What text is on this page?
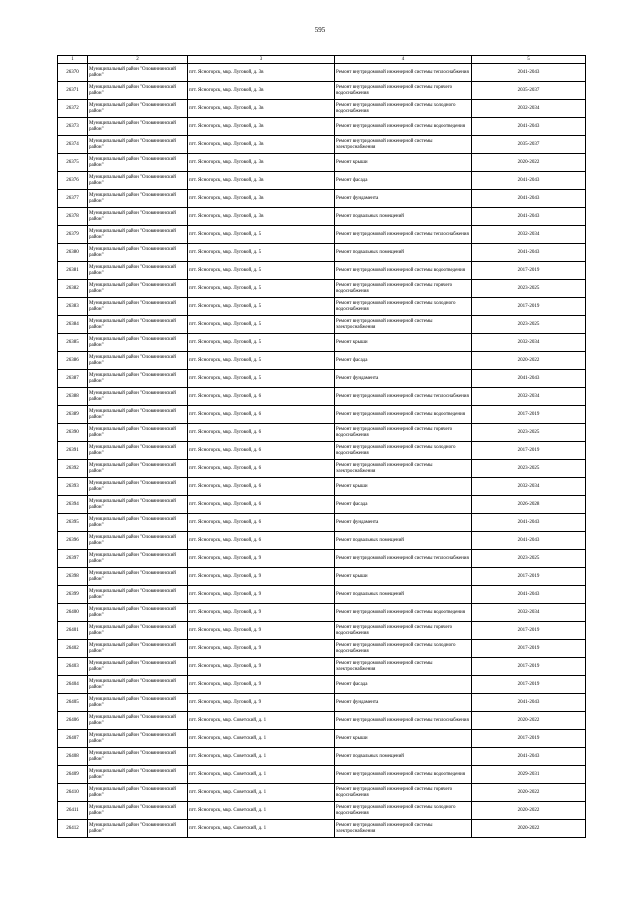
595
1	2	3	4	5
26370	Муниципальный район "Оловяннинский район"	пгт. Ясногорск, мкр. Луговой, д. 3в	Ремонт внутридомовой инженерной системы теплоснабжения	2041-2043
26371	Муниципальный район "Оловяннинский район"	пгт. Ясногорск, мкр. Луговой, д. 3в	Ремонт внутридомовой инженерной системы горячего водоснабжения	2035-2037
26372	Муниципальный район "Оловяннинский район"	пгт. Ясногорск, мкр. Луговой, д. 3в	Ремонт внутридомовой инженерной системы холодного водоснабжения	2032-2034
26373	Муниципальный район "Оловяннинский район"	пгт. Ясногорск, мкр. Луговой, д. 3в	Ремонт внутридомовой инженерной системы водоотведения	2041-2043
26374	Муниципальный район "Оловяннинский район"	пгт. Ясногорск, мкр. Луговой, д. 3в	Ремонт внутридомовой инженерной системы электроснабжения	2035-2037
26375	Муниципальный район "Оловяннинский район"	пгт. Ясногорск, мкр. Луговой, д. 3в	Ремонт крыши	2020-2022
26376	Муниципальный район "Оловяннинский район"	пгт. Ясногорск, мкр. Луговой, д. 3в	Ремонт фасада	2041-2043
26377	Муниципальный район "Оловяннинский район"	пгт. Ясногорск, мкр. Луговой, д. 3в	Ремонт фундамента	2041-2043
26378	Муниципальный район "Оловяннинский район"	пгт. Ясногорск, мкр. Луговой, д. 3в	Ремонт подвальных помещений	2041-2043
26379	Муниципальный район "Оловяннинский район"	пгт. Ясногорск, мкр. Луговой, д. 5	Ремонт внутридомовой инженерной системы теплоснабжения	2032-2034
26380	Муниципальный район "Оловяннинский район"	пгт. Ясногорск, мкр. Луговой, д. 5	Ремонт подвальных помещений	2041-2043
26381	Муниципальный район "Оловяннинский район"	пгт. Ясногорск, мкр. Луговой, д. 5	Ремонт внутридомовой инженерной системы водоотведения	2017-2019
26382	Муниципальный район "Оловяннинский район"	пгт. Ясногорск, мкр. Луговой, д. 5	Ремонт внутридомовой инженерной системы горячего водоснабжения	2023-2025
26383	Муниципальный район "Оловяннинский район"	пгт. Ясногорск, мкр. Луговой, д. 5	Ремонт внутридомовой инженерной системы холодного водоснабжения	2017-2019
26384	Муниципальный район "Оловяннинский район"	пгт. Ясногорск, мкр. Луговой, д. 5	Ремонт внутридомовой инженерной системы электроснабжения	2023-2025
26385	Муниципальный район "Оловяннинский район"	пгт. Ясногорск, мкр. Луговой, д. 5	Ремонт крыши	2032-2034
26386	Муниципальный район "Оловяннинский район"	пгт. Ясногорск, мкр. Луговой, д. 5	Ремонт фасада	2020-2022
26387	Муниципальный район "Оловяннинский район"	пгт. Ясногорск, мкр. Луговой, д. 5	Ремонт фундамента	2041-2043
26388	Муниципальный район "Оловяннинский район"	пгт. Ясногорск, мкр. Луговой, д. 6	Ремонт внутридомовой инженерной системы теплоснабжения	2032-2034
26389	Муниципальный район "Оловяннинский район"	пгт. Ясногорск, мкр. Луговой, д. 6	Ремонт внутридомовой инженерной системы водоотведения	2017-2019
26390	Муниципальный район "Оловяннинский район"	пгт. Ясногорск, мкр. Луговой, д. 6	Ремонт внутридомовой инженерной системы горячего водоснабжения	2023-2025
26391	Муниципальный район "Оловяннинский район"	пгт. Ясногорск, мкр. Луговой, д. 6	Ремонт внутридомовой инженерной системы холодного водоснабжения	2017-2019
26392	Муниципальный район "Оловяннинский район"	пгт. Ясногорск, мкр. Луговой, д. 6	Ремонт внутридомовой инженерной системы электроснабжения	2023-2025
26393	Муниципальный район "Оловяннинский район"	пгт. Ясногорск, мкр. Луговой, д. 6	Ремонт крыши	2032-2034
26394	Муниципальный район "Оловяннинский район"	пгт. Ясногорск, мкр. Луговой, д. 6	Ремонт фасада	2026-2028
26395	Муниципальный район "Оловяннинский район"	пгт. Ясногорск, мкр. Луговой, д. 6	Ремонт фундамента	2041-2043
26396	Муниципальный район "Оловяннинский район"	пгт. Ясногорск, мкр. Луговой, д. 6	Ремонт подвальных помещений	2041-2043
26397	Муниципальный район "Оловяннинский район"	пгт. Ясногорск, мкр. Луговой, д. 9	Ремонт внутридомовой инженерной системы теплоснабжения	2023-2025
26398	Муниципальный район "Оловяннинский район"	пгт. Ясногорск, мкр. Луговой, д. 9	Ремонт крыши	2017-2019
26399	Муниципальный район "Оловяннинский район"	пгт. Ясногорск, мкр. Луговой, д. 9	Ремонт подвальных помещений	2041-2043
26400	Муниципальный район "Оловяннинский район"	пгт. Ясногорск, мкр. Луговой, д. 9	Ремонт внутридомовой инженерной системы водоотведения	2032-2034
26401	Муниципальный район "Оловяннинский район"	пгт. Ясногорск, мкр. Луговой, д. 9	Ремонт внутридомовой инженерной системы горячего водоснабжения	2017-2019
26402	Муниципальный район "Оловяннинский район"	пгт. Ясногорск, мкр. Луговой, д. 9	Ремонт внутридомовой инженерной системы холодного водоснабжения	2017-2019
26403	Муниципальный район "Оловяннинский район"	пгт. Ясногорск, мкр. Луговой, д. 9	Ремонт внутридомовой инженерной системы электроснабжения	2017-2019
26404	Муниципальный район "Оловяннинский район"	пгт. Ясногорск, мкр. Луговой, д. 9	Ремонт фасада	2017-2019
26405	Муниципальный район "Оловяннинский район"	пгт. Ясногорск, мкр. Луговой, д. 9	Ремонт фундамента	2041-2043
26406	Муниципальный район "Оловяннинский район"	пгт. Ясногорск, мкр. Советский, д. 1	Ремонт внутридомовой инженерной системы теплоснабжения	2020-2022
26407	Муниципальный район "Оловяннинский район"	пгт. Ясногорск, мкр. Советский, д. 1	Ремонт крыши	2017-2019
26408	Муниципальный район "Оловяннинский район"	пгт. Ясногорск, мкр. Советский, д. 1	Ремонт подвальных помещений	2041-2043
26409	Муниципальный район "Оловяннинский район"	пгт. Ясногорск, мкр. Советский, д. 1	Ремонт внутридомовой инженерной системы водоотведения	2029-2031
26410	Муниципальный район "Оловяннинский район"	пгт. Ясногорск, мкр. Советский, д. 1	Ремонт внутридомовой инженерной системы горячего водоснабжения	2020-2022
26411	Муниципальный район "Оловяннинский район"	пгт. Ясногорск, мкр. Советский, д. 1	Ремонт внутридомовой инженерной системы холодного водоснабжения	2020-2022
26412	Муниципальный район "Оловяннинский район"	пгт. Ясногорск, мкр. Советский, д. 1	Ремонт внутридомовой инженерной системы электроснабжения	2020-2022
